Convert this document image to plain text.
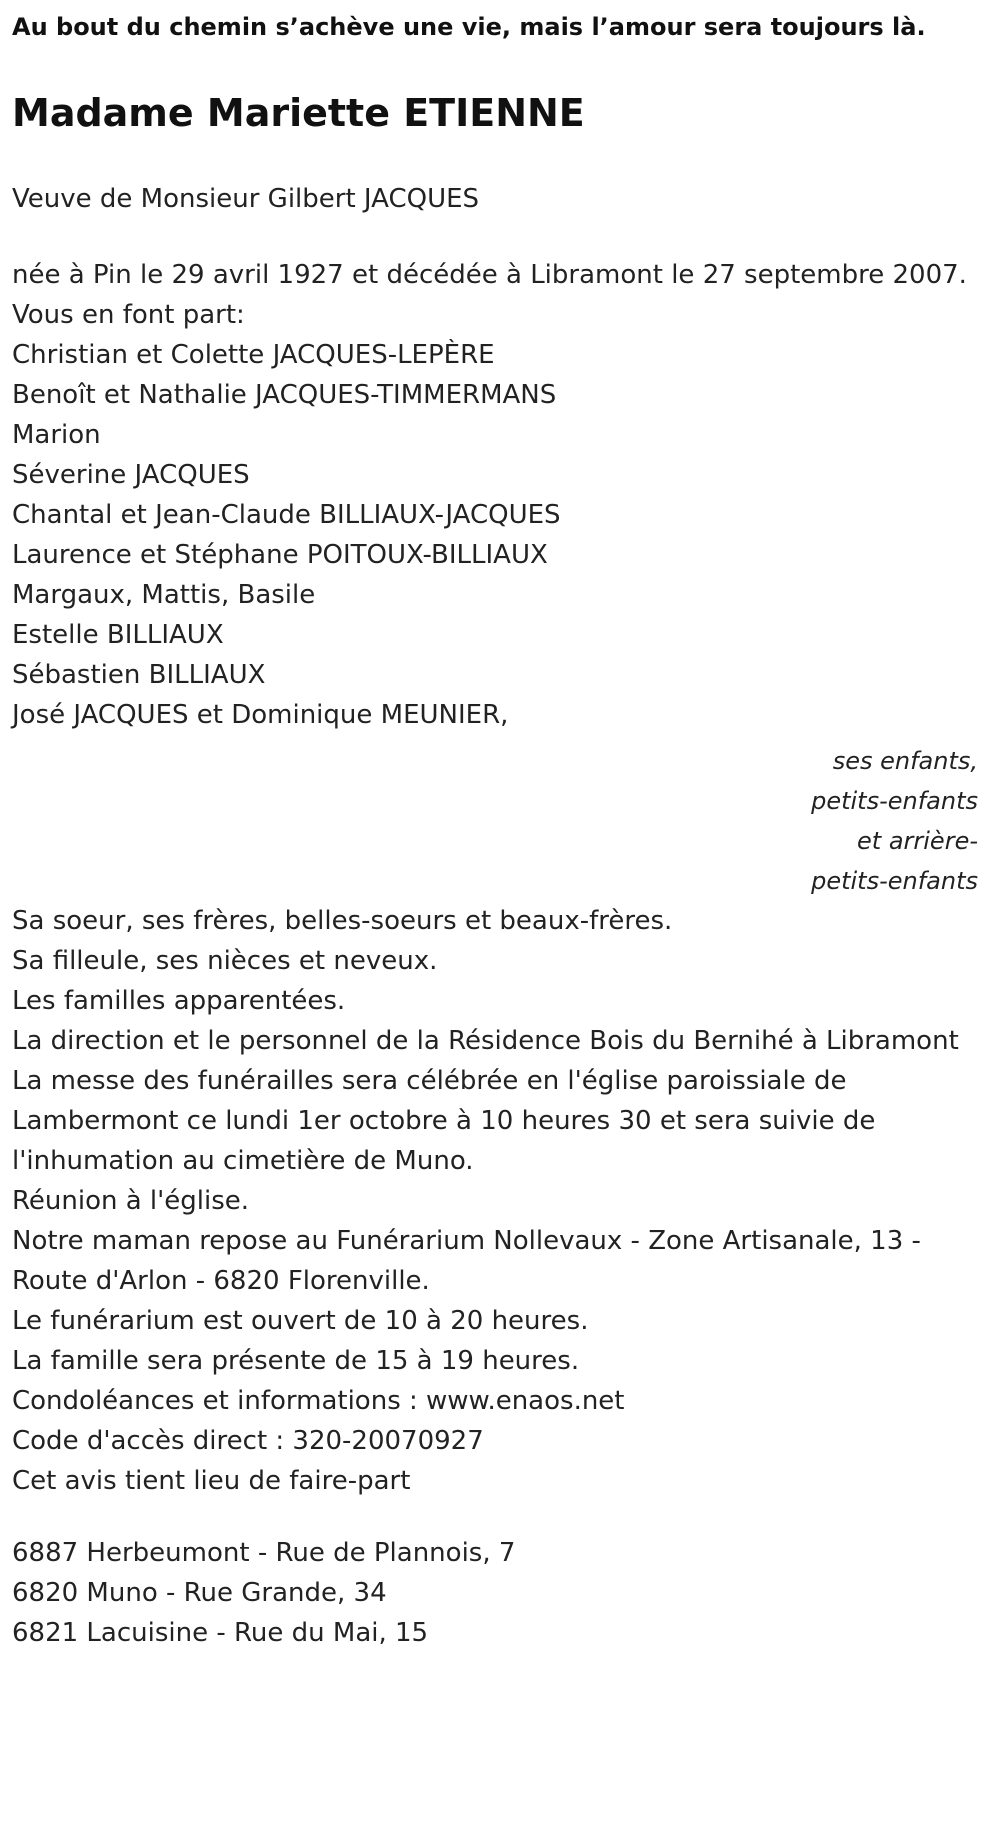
Au bout du chemin s’achève une vie, mais l’amour sera toujours là.

Madame Mariette ETIENNE
Veuve de Monsieur Gilbert JACQUES
née à Pin le 29 avril 1927 et décédée à Libramont le 27 septembre 2007.
Vous en font part:
Christian et Colette JACQUES-LEPÈRE
Benoît et Nathalie JACQUES-TIMMERMANS
Marion
Séverine JACQUES
Chantal et Jean-Claude BILLIAUX-JACQUES
Laurence et Stéphane POITOUX-BILLIAUX
Margaux, Mattis, Basile
Estelle BILLIAUX
Sébastien BILLIAUX
José JACQUES et Dominique MEUNIER,
ses enfants, petits-enfants et arrière-petits-enfants
Sa soeur, ses frères, belles-soeurs et beaux-frères.
Sa filleule, ses nièces et neveux.
Les familles apparentées.
La direction et le personnel de la Résidence Bois du Bernihé à Libramont
La messe des funérailles sera célébrée en l'église paroissiale de Lambermont ce lundi 1er octobre à 10 heures 30 et sera suivie de l'inhumation au cimetière de Muno.
Réunion à l'église.
Notre maman repose au Funérarium Nollevaux - Zone Artisanale, 13 - Route d'Arlon - 6820 Florenville.
Le funérarium est ouvert de 10 à 20 heures.
La famille sera présente de 15 à 19 heures.
Condoléances et informations : www.enaos.net
Code d'accès direct : 320-20070927
Cet avis tient lieu de faire-part
6887 Herbeumont - Rue de Plannois, 7
6820 Muno - Rue Grande, 34
6821 Lacuisine - Rue du Mai, 15
